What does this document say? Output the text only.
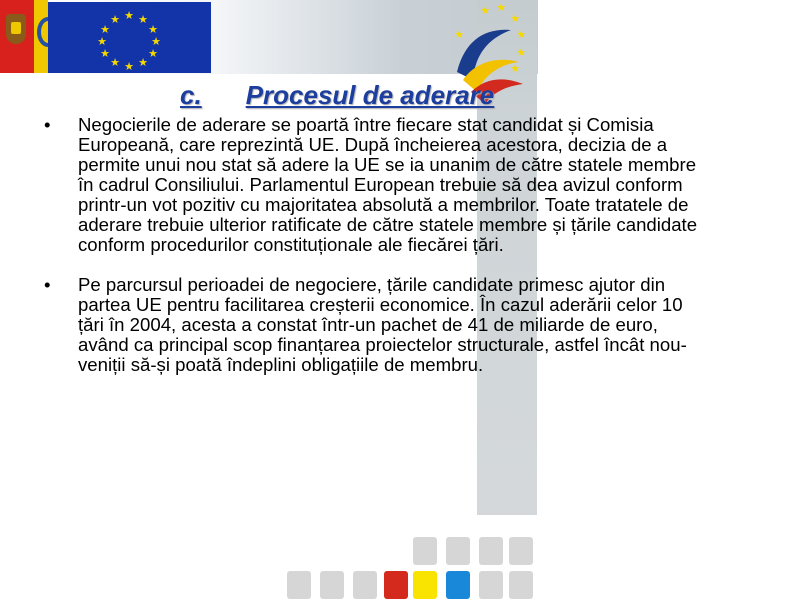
★ ★
★
★
★
★
★
★
★
★
★
★
★ ★
★
★
★
★
★
c. Procesul de aderare
• Negocierile de aderare se poartă între fiecare stat candidat și Comisia Europeană, care reprezintă UE. După încheierea acestora, decizia de a permite unui nou stat să adere la UE se ia unanim de către statele membre în cadrul Consiliului. Parlamentul European trebuie să dea avizul conform printr-un vot pozitiv cu majoritatea absolută a membrilor. Toate tratatele de aderare trebuie ulterior ratificate de către statele membre și țările candidate conform procedurilor constituționale ale fiecărei țări.
• Pe parcursul perioadei de negociere, țările candidate primesc ajutor din partea UE pentru facilitarea creșterii economice. În cazul aderării celor 10 țări în 2004, acesta a constat într-un pachet de 41 de miliarde de euro, având ca principal scop finanțarea proiectelor structurale, astfel încât nou-veniții să-și poată îndeplini obligațiile de membru.
